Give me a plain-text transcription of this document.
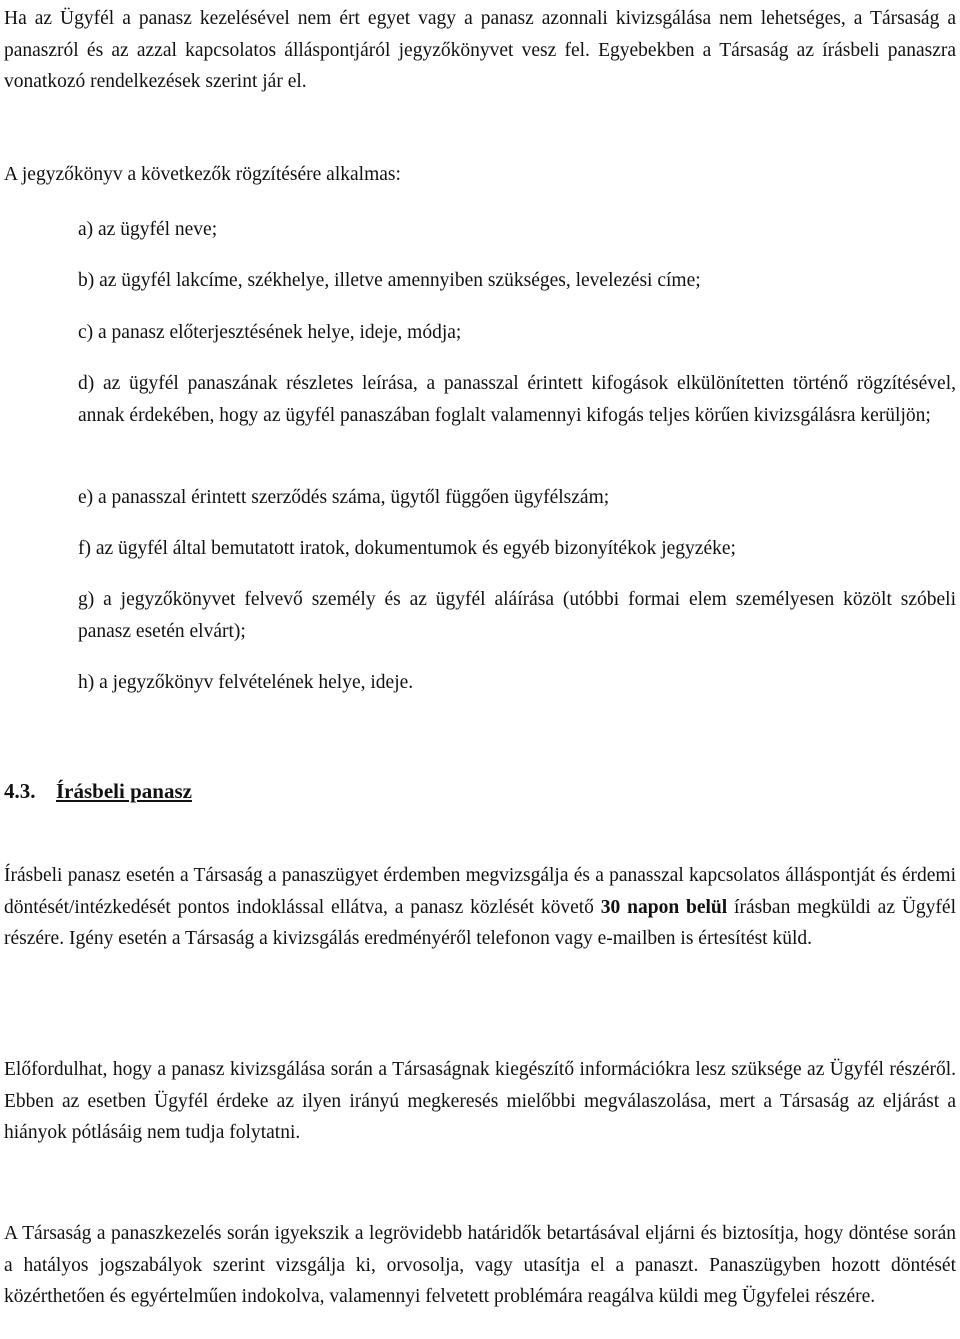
Ha az Ügyfél a panasz kezelésével nem ért egyet vagy a panasz azonnali kivizsgálása nem lehetséges, a Társaság a panaszról és az azzal kapcsolatos álláspontjáról jegyzőkönyvet vesz fel. Egyebekben a Társaság az írásbeli panaszra vonatkozó rendelkezések szerint jár el.

A jegyzőkönyv a következők rögzítésére alkalmas:

a) az ügyfél neve;

b) az ügyfél lakcíme, székhelye, illetve amennyiben szükséges, levelezési címe;

c) a panasz előterjesztésének helye, ideje, módja;

d) az ügyfél panaszának részletes leírása, a panasszal érintett kifogások elkülönítetten történő rögzítésével, annak érdekében, hogy az ügyfél panaszában foglalt valamennyi kifogás teljes körűen kivizsgálásra kerüljön;

e) a panasszal érintett szerződés száma, ügytől függően ügyfélszám;

f) az ügyfél által bemutatott iratok, dokumentumok és egyéb bizonyítékok jegyzéke;

g) a jegyzőkönyvet felvevő személy és az ügyfél aláírása (utóbbi formai elem személyesen közölt szóbeli panasz esetén elvárt);

h) a jegyzőkönyv felvételének helye, ideje.

4.3. Írásbeli panasz

Írásbeli panasz esetén a Társaság a panaszügyet érdemben megvizsgálja és a panasszal kapcsolatos álláspontját és érdemi döntését/intézkedését pontos indoklással ellátva, a panasz közlését követő 30 napon belül írásban megküldi az Ügyfél részére. Igény esetén a Társaság a kivizsgálás eredményéről telefonon vagy e-mailben is értesítést küld.

Előfordulhat, hogy a panasz kivizsgálása során a Társaságnak kiegészítő információkra lesz szüksége az Ügyfél részéről. Ebben az esetben Ügyfél érdeke az ilyen irányú megkeresés mielőbbi megválaszolása, mert a Társaság az eljárást a hiányok pótlásáig nem tudja folytatni.

A Társaság a panaszkezelés során igyekszik a legrövidebb határidők betartásával eljárni és biztosítja, hogy döntése során a hatályos jogszabályok szerint vizsgálja ki, orvosolja, vagy utasítja el a panaszt. Panaszügyben hozott döntését közérthetően és egyértelműen indokolva, valamennyi felvetett problémára reagálva küldi meg Ügyfelei részére.
